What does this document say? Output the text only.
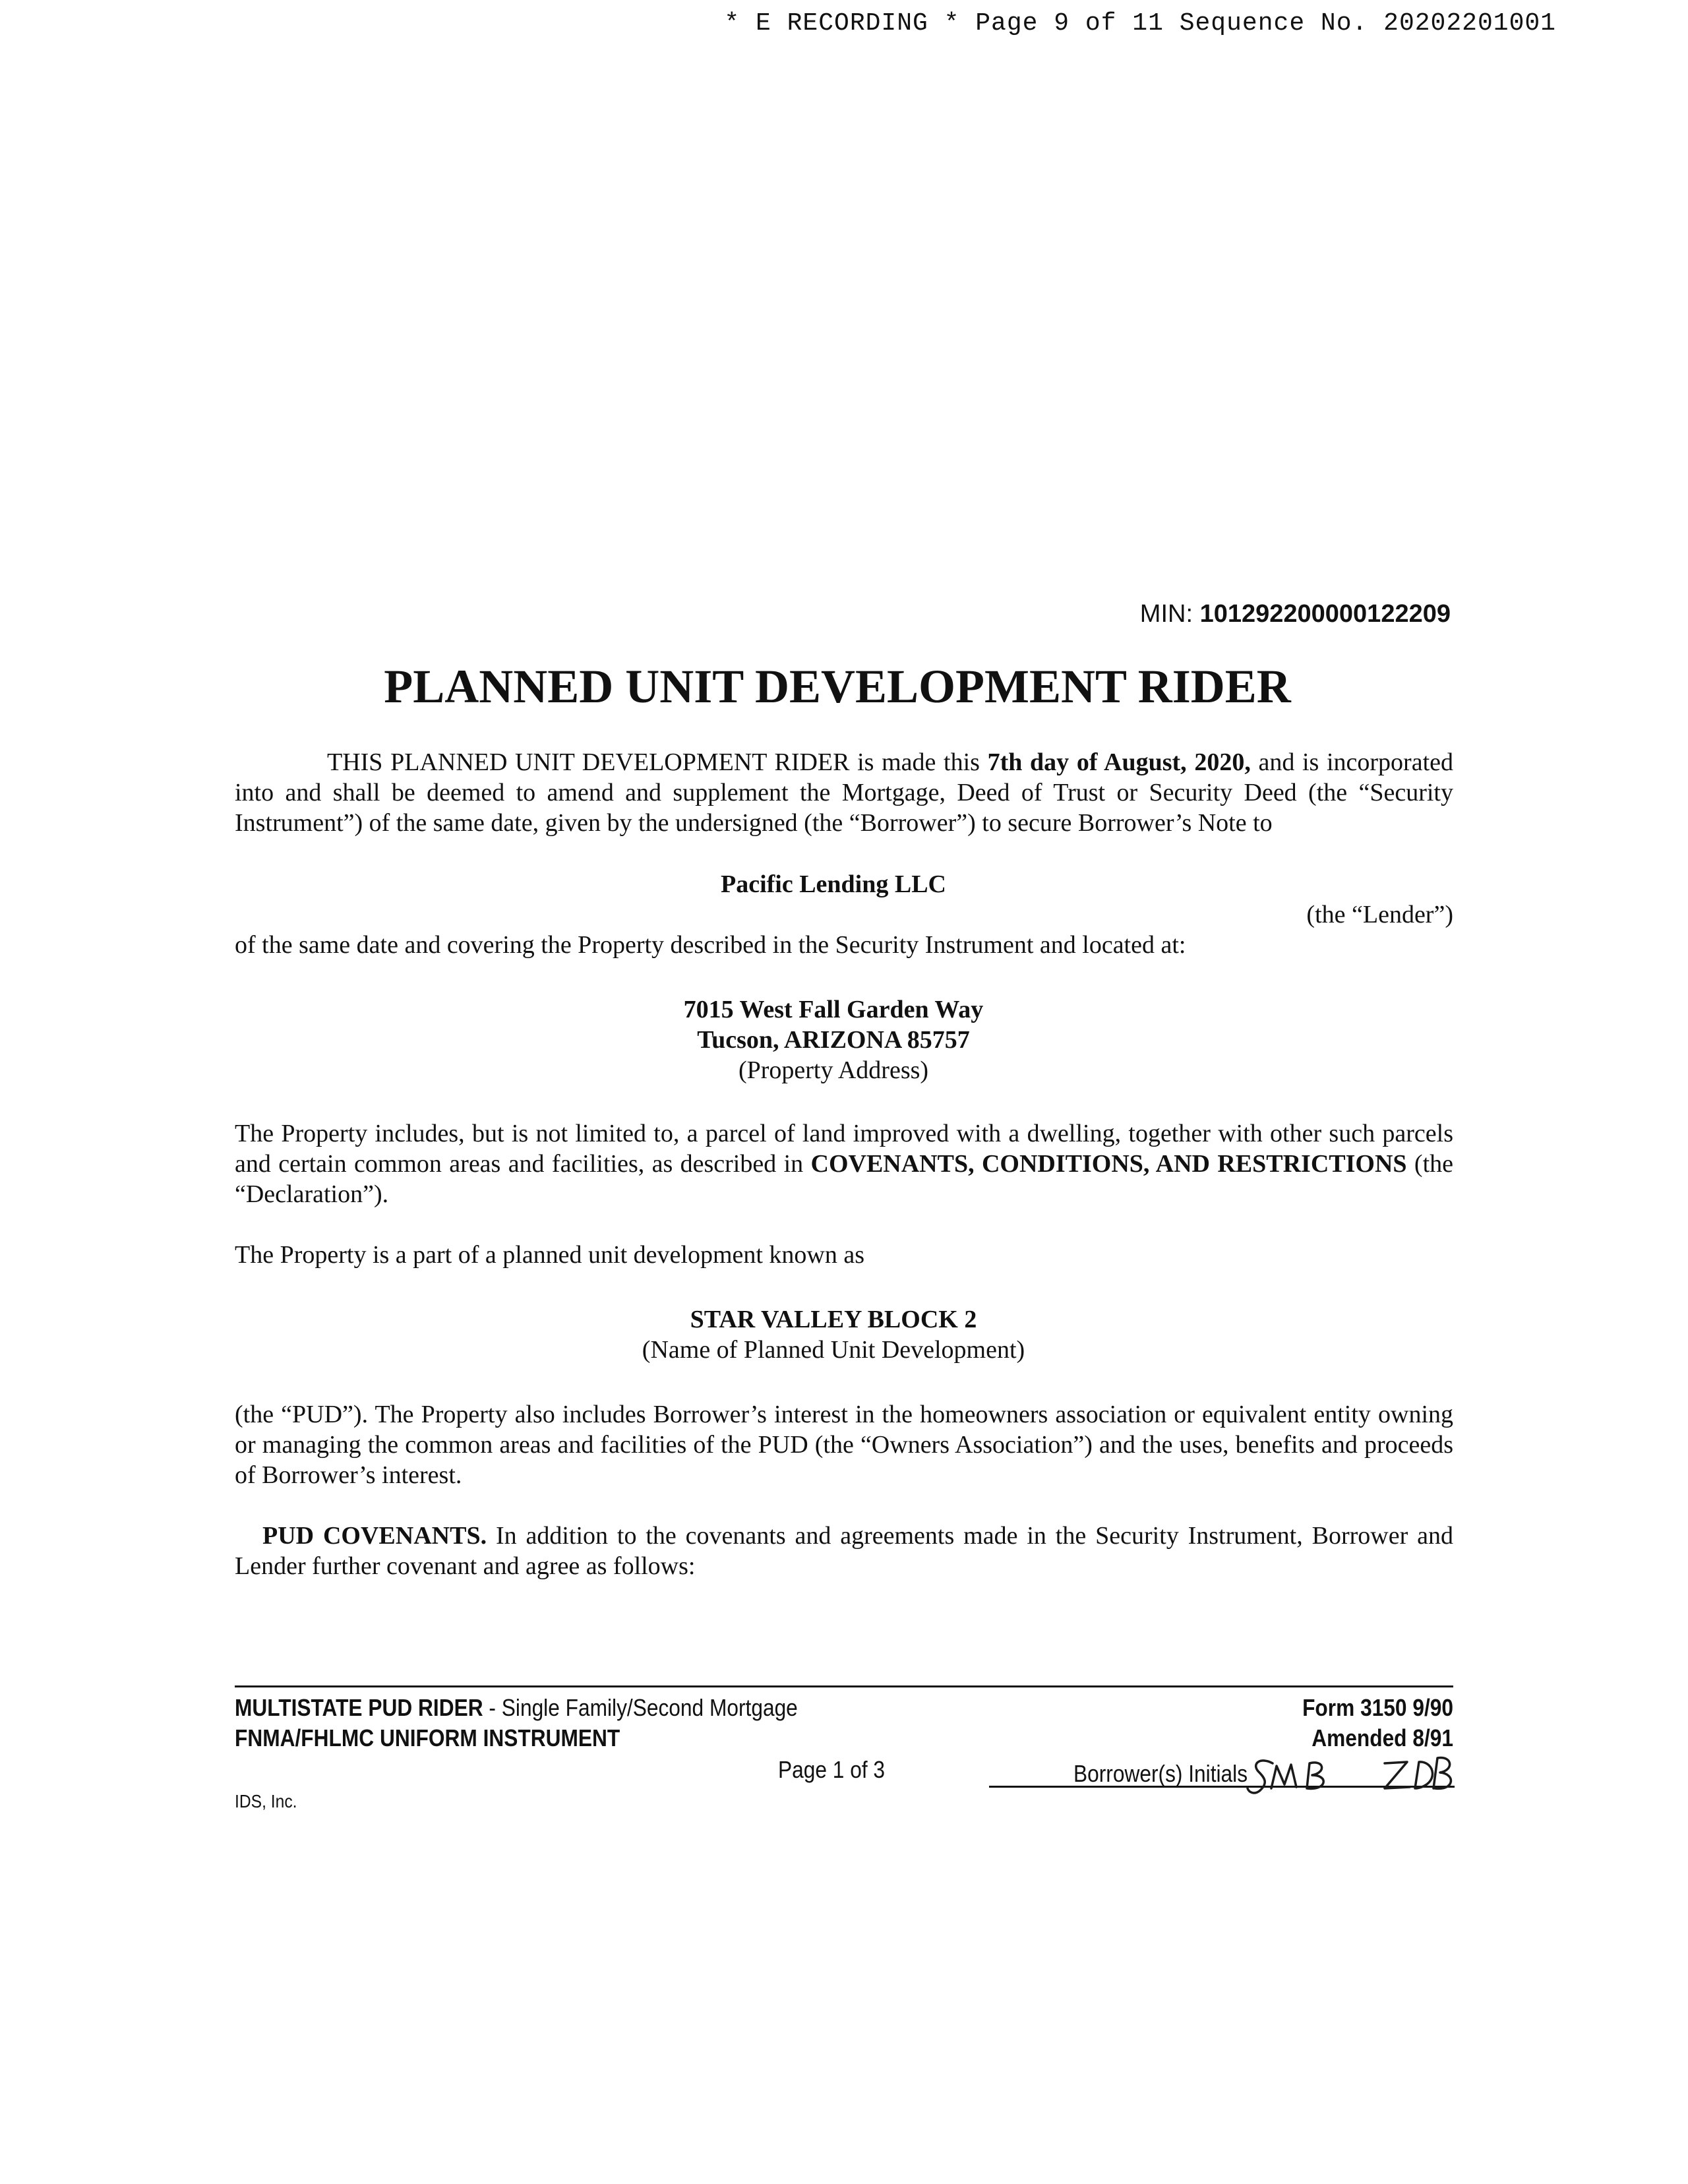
* E RECORDING * Page 9 of 11 Sequence No. 20202201001
MIN: 101292200000122209
PLANNED UNIT DEVELOPMENT RIDER
THIS PLANNED UNIT DEVELOPMENT RIDER is made this 7th day of August, 2020, and is incorporated into and shall be deemed to amend and supplement the Mortgage, Deed of Trust or Security Deed (the “Security Instrument”) of the same date, given by the undersigned (the “Borrower”) to secure Borrower’s Note to
Pacific Lending LLC
(the “Lender”)
of the same date and covering the Property described in the Security Instrument and located at:
7015 West Fall Garden Way
Tucson, ARIZONA 85757
(Property Address)
The Property includes, but is not limited to, a parcel of land improved with a dwelling, together with other such parcels and certain common areas and facilities, as described in COVENANTS, CONDITIONS, AND RESTRICTIONS (the “Declaration”).
The Property is a part of a planned unit development known as
STAR VALLEY BLOCK 2
(Name of Planned Unit Development)
(the “PUD”). The Property also includes Borrower’s interest in the homeowners association or equivalent entity owning or managing the common areas and facilities of the PUD (the “Owners Association”) and the uses, benefits and proceeds of Borrower’s interest.
PUD COVENANTS. In addition to the covenants and agreements made in the Security Instrument, Borrower and Lender further covenant and agree as follows:
MULTISTATE PUD RIDER - Single Family/Second Mortgage
FNMA/FHLMC UNIFORM INSTRUMENT
Form 3150 9/90
Amended 8/91
Page 1 of 3
IDS, Inc.
Borrower(s) Initials
